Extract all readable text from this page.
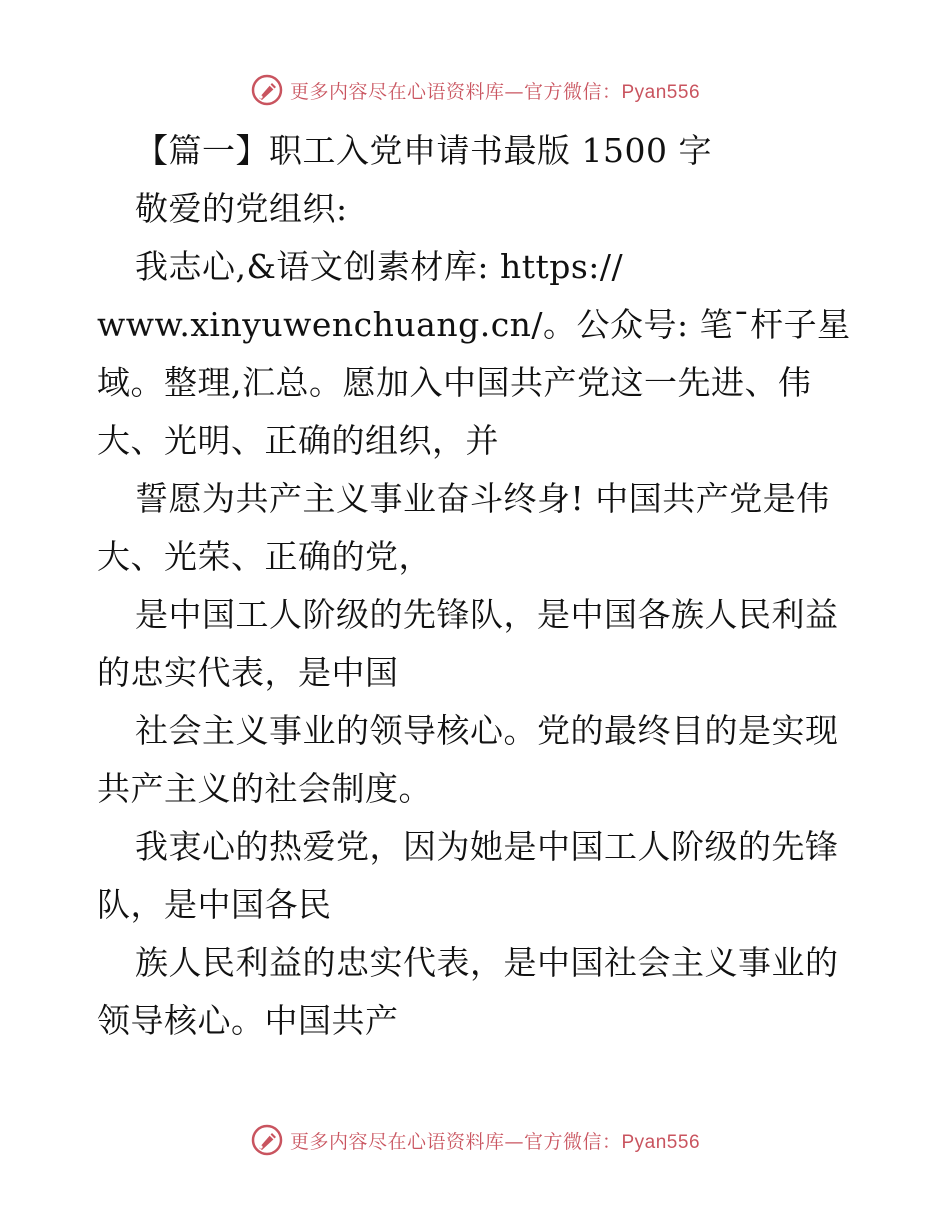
更多内容尽在心语资料库—官方微信：Pyan556
【篇一】职工入党申请书最版 1500 字
敬爱的党组织:
我志心,&语文创素材库: https://
www.xinyuwenchuang.cn/。公众号: 笔¯杆子星
域。整理,汇总。愿加入中国共产党这一先进、伟
大、光明、正确的组织，并
誓愿为共产主义事业奋斗终身! 中国共产党是伟
大、光荣、正确的党，
是中国工人阶级的先锋队，是中国各族人民利益
的忠实代表，是中国
社会主义事业的领导核心。党的最终目的是实现
共产主义的社会制度。
我衷心的热爱党，因为她是中国工人阶级的先锋
队，是中国各民
族人民利益的忠实代表，是中国社会主义事业的
领导核心。中国共产
更多内容尽在心语资料库—官方微信：Pyan556
